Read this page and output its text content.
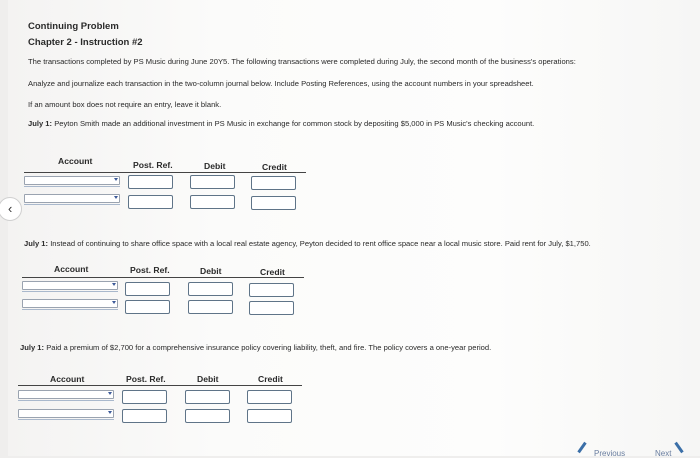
‹
Continuing Problem
Chapter 2 - Instruction #2
The transactions completed by PS Music during June 20Y5. The following transactions were completed during July, the second month of the business's operations:
Analyze and journalize each transaction in the two-column journal below. Include Posting References, using the account numbers in your spreadsheet.
If an amount box does not require an entry, leave it blank.
July 1: Peyton Smith made an additional investment in PS Music in exchange for common stock by depositing $5,000 in PS Music's checking account.
Account	Post. Ref.	Debit	Credit
July 1: Instead of continuing to share office space with a local real estate agency, Peyton decided to rent office space near a local music store. Paid rent for July, $1,750.
Account	Post. Ref.	Debit	Credit
July 1: Paid a premium of $2,700 for a comprehensive insurance policy covering liability, theft, and fire. The policy covers a one-year period.
Account	Post. Ref.	Debit	Credit
Previous	Next
